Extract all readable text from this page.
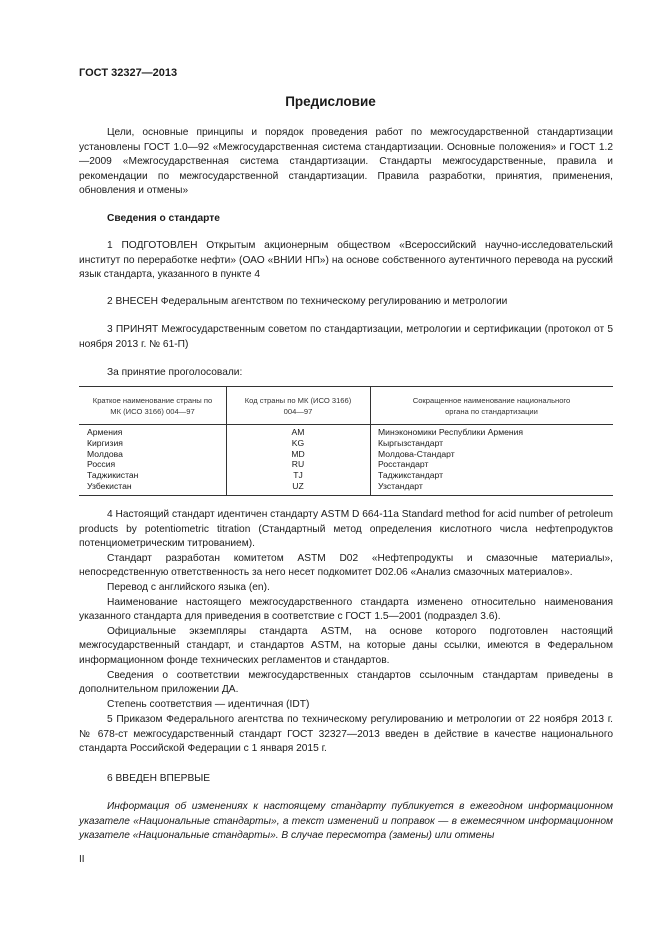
ГОСТ 32327—2013
Предисловие

Цели, основные принципы и порядок проведения работ по межгосударственной стандартизации установлены ГОСТ 1.0—92 «Межгосударственная система стандартизации. Основные положения» и ГОСТ 1.2—2009 «Межгосударственная система стандартизации. Стандарты межгосударственные, правила и рекомендации по межгосударственной стандартизации. Правила разработки, принятия, применения, обновления и отмены»

Сведения о стандарте

1 ПОДГОТОВЛЕН Открытым акционерным обществом «Всероссийский научно-исследовательский институт по переработке нефти» (ОАО «ВНИИ НП») на основе собственного аутентичного перевода на русский язык стандарта, указанного в пункте 4

2 ВНЕСЕН Федеральным агентством по техническому регулированию и метрологии

3 ПРИНЯТ Межгосударственным советом по стандартизации, метрологии и сертификации (протокол от 5 ноября 2013 г. № 61-П)

За принятие проголосовали:

Краткое наименование страны по МК (ИСО 3166) 004—97
Армения
Киргизия
Молдова
Россия
Таджикистан
Узбекистан
Код страны по МК (ИСО 3166) 004—97
AM
KG
MD
RU
TJ
UZ
Сокращенное наименование национального органа по стандартизации
Минэкономики Республики Армения
Кыргызстандарт
Молдова-Стандарт
Росстандарт
Таджикстандарт
Узстандарт

4 Настоящий стандарт идентичен стандарту ASTM D 664-11a Standard method for acid number of petroleum products by potentiometric titration (Стандартный метод определения кислотного числа нефтепродуктов потенциометрическим титрованием).

Стандарт разработан комитетом ASTM D02 «Нефтепродукты и смазочные материалы», непосредственную ответственность за него несет подкомитет D02.06 «Анализ смазочных материалов».

Перевод с английского языка (en).

Наименование настоящего межгосударственного стандарта изменено относительно наименования указанного стандарта для приведения в соответствие с ГОСТ 1.5—2001 (подраздел 3.6).

Официальные экземпляры стандарта ASTM, на основе которого подготовлен настоящий межгосударственный стандарт, и стандартов ASTM, на которые даны ссылки, имеются в Федеральном информационном фонде технических регламентов и стандартов.

Сведения о соответствии межгосударственных стандартов ссылочным стандартам приведены в дополнительном приложении ДА.

Степень соответствия — идентичная (IDT)

5 Приказом Федерального агентства по техническому регулированию и метрологии от 22 ноября 2013 г. № 678-ст межгосударственный стандарт ГОСТ 32327—2013 введен в действие в качестве национального стандарта Российской Федерации с 1 января 2015 г.

6 ВВЕДЕН ВПЕРВЫЕ

Информация об изменениях к настоящему стандарту публикуется в ежегодном информационном указателе «Национальные стандарты», а текст изменений и поправок — в ежемесячном информационном указателе «Национальные стандарты». В случае пересмотра (замены) или отмены

II
